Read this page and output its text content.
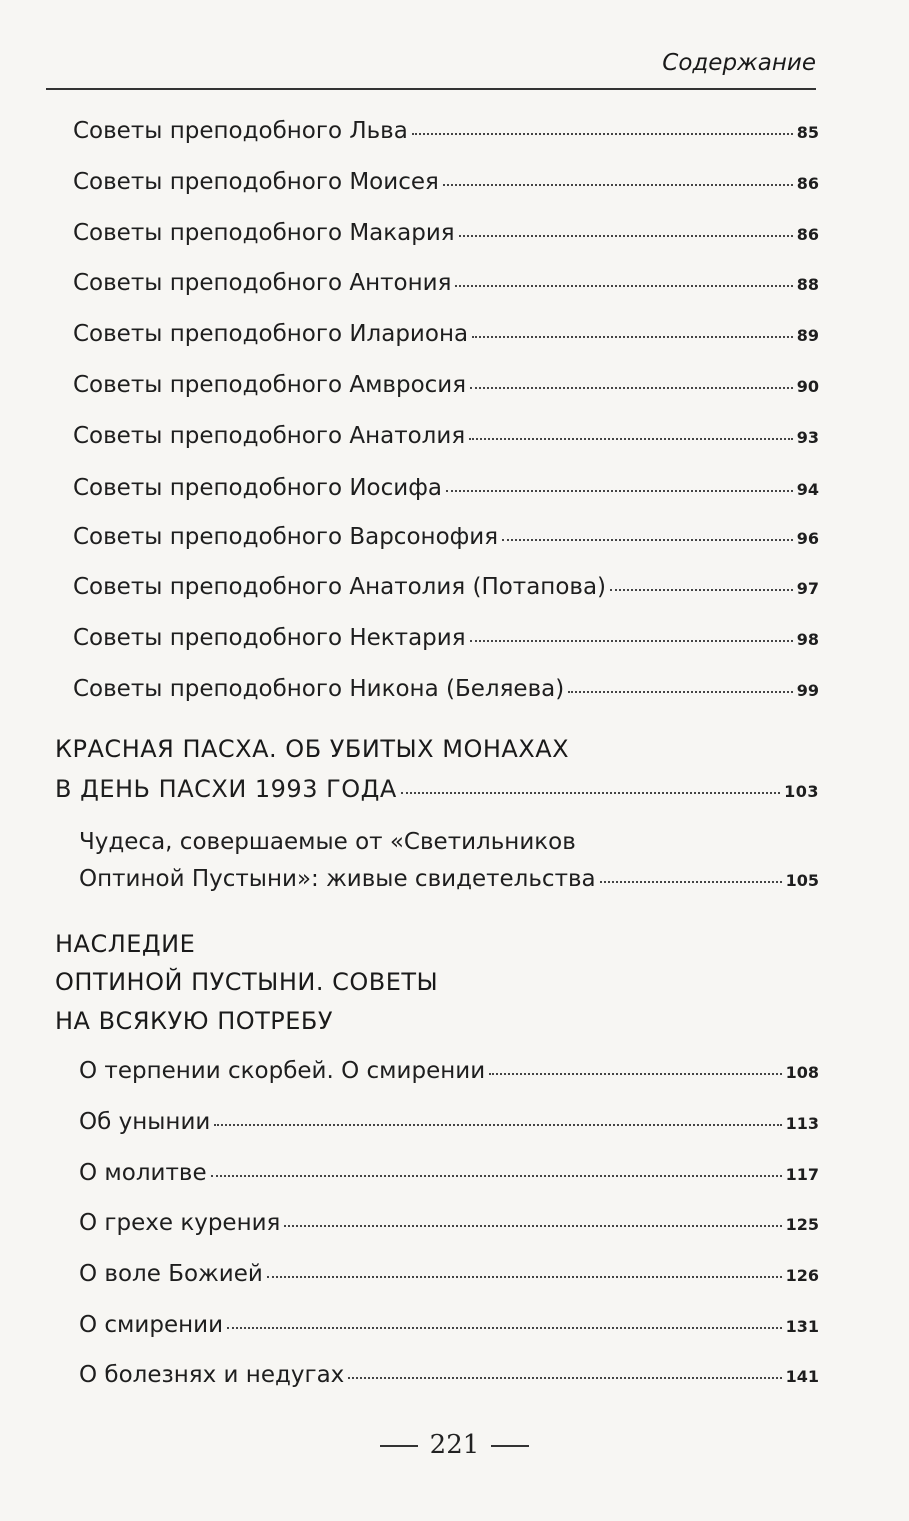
Содержание
Советы преподобного Льва	85
Советы преподобного Моисея	86
Советы преподобного Макария	86
Советы преподобного Антония	88
Советы преподобного Илариона	89
Советы преподобного Амвросия	90
Советы преподобного Анатолия	93
Советы преподобного Иосифа	94
Советы преподобного Варсонофия	96
Советы преподобного Анатолия (Потапова)	97
Советы преподобного Нектария	98
Советы преподобного Никона (Беляева)	99
КРАСНАЯ ПАСХА. ОБ УБИТЫХ МОНАХАХ
В ДЕНЬ ПАСХИ 1993 ГОДА	103
Чудеса, совершаемые от «Светильников
Оптиной Пустыни»: живые свидетельства	105
НАСЛЕДИЕ
ОПТИНОЙ ПУСТЫНИ. СОВЕТЫ
НА ВСЯКУЮ ПОТРЕБУ
О терпении скорбей. О смирении	108
Об унынии	113
О молитве	117
О грехе курения	125
О воле Божией	126
О смирении	131
О болезнях и недугах	141
221
